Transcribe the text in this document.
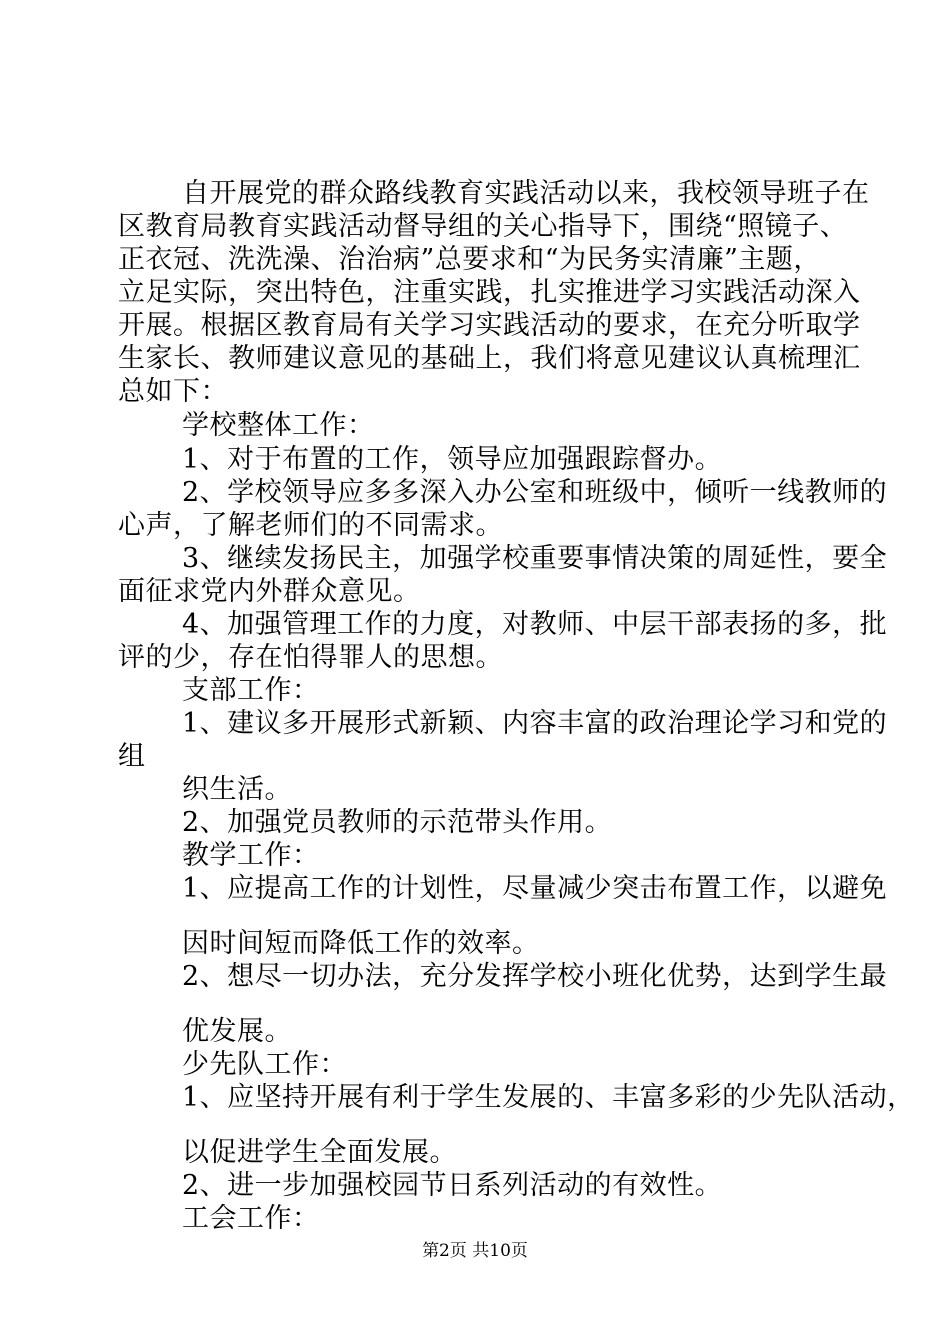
自开展党的群众路线教育实践活动以来，我校领导班子在
区教育局教育实践活动督导组的关心指导下，围绕“照镜子、
正衣冠、洗洗澡、治治病”总要求和“为民务实清廉”主题，
立足实际，突出特色，注重实践，扎实推进学习实践活动深入
开展。根据区教育局有关学习实践活动的要求，在充分听取学
生家长、教师建议意见的基础上，我们将意见建议认真梳理汇
总如下：
学校整体工作：
1、对于布置的工作，领导应加强跟踪督办。
2、学校领导应多多深入办公室和班级中，倾听一线教师的
心声，了解老师们的不同需求。
3、继续发扬民主，加强学校重要事情决策的周延性，要全
面征求党内外群众意见。
4、加强管理工作的力度，对教师、中层干部表扬的多，批
评的少，存在怕得罪人的思想。
支部工作：
1、建议多开展形式新颖、内容丰富的政治理论学习和党的
组
织生活。
2、加强党员教师的示范带头作用。
教学工作：
1、应提高工作的计划性，尽量减少突击布置工作，以避免
因时间短而降低工作的效率。
2、想尽一切办法，充分发挥学校小班化优势，达到学生最
优发展。
少先队工作：
1、应坚持开展有利于学生发展的、丰富多彩的少先队活动，
以促进学生全面发展。
2、进一步加强校园节日系列活动的有效性。
工会工作：
第2页 共10页
